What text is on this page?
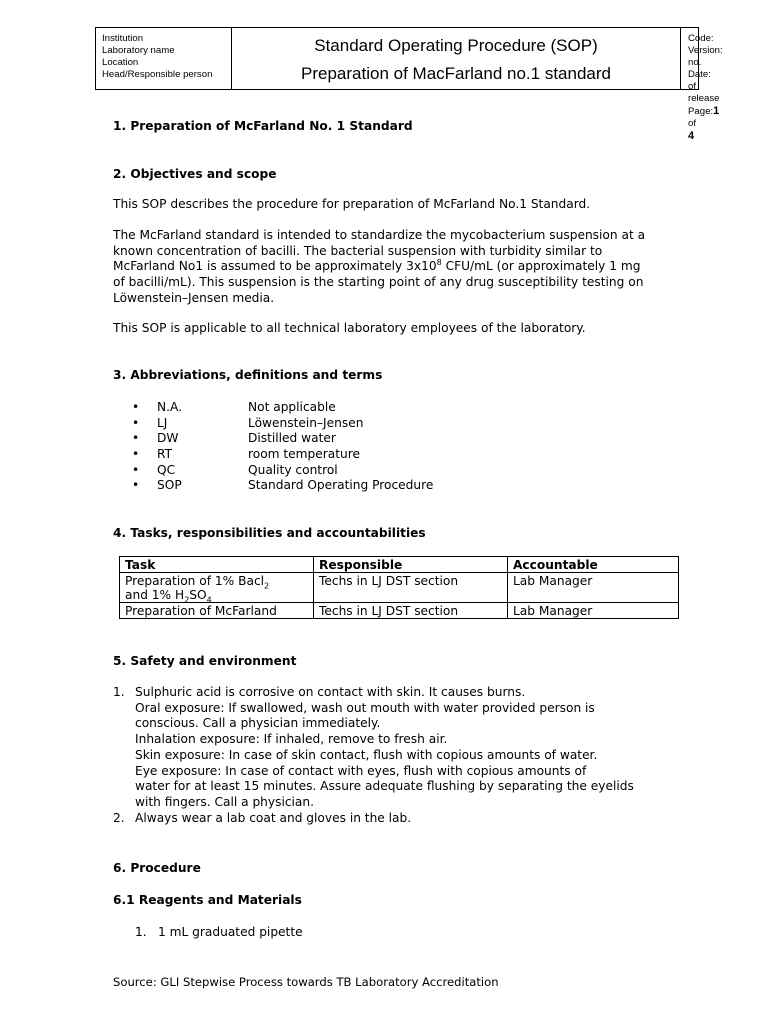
Institution
Laboratory name
Location
Head/Responsible person
Standard Operating Procedure (SOP)
Preparation of MacFarland no.1 standard
Code:
Version: no.
Date: of release
Page:1 of 4
1. Preparation of McFarland No. 1 Standard
2. Objectives and scope
This SOP describes the procedure for preparation of McFarland No.1 Standard.
The McFarland standard is intended to standardize the mycobacterium suspension at a
known concentration of bacilli. The bacterial suspension with turbidity similar to
McFarland No1 is assumed to be approximately $3x10^8$ CFU/mL (or approximately 1 mg
of bacilli/mL). This suspension is the starting point of any drug susceptibility testing on
Löwenstein–Jensen media.
This SOP is applicable to all technical laboratory employees of the laboratory.
3. Abbreviations, definitions and terms
• N.A.	Not applicable
• LJ	Löwenstein–Jensen
• DW	Distilled water
• RT	room temperature
• QC	Quality control
• SOP	Standard Operating Procedure
4. Tasks, responsibilities and accountabilities
Task	Responsible	Accountable
Preparation of 1% Bacl$_2$
and 1% $H_2SO_4$	Techs in LJ DST section	Lab Manager
Preparation of McFarland	Techs in LJ DST section	Lab Manager
5. Safety and environment
1. Sulphuric acid is corrosive on contact with skin. It causes burns.
Oral exposure: If swallowed, wash out mouth with water provided person is
conscious. Call a physician immediately.
Inhalation exposure: If inhaled, remove to fresh air.
Skin exposure: In case of skin contact, flush with copious amounts of water.
Eye exposure: In case of contact with eyes, flush with copious amounts of
water for at least 15 minutes. Assure adequate flushing by separating the eyelids
with fingers. Call a physician.
2. Always wear a lab coat and gloves in the lab.
6. Procedure
6.1 Reagents and Materials
1. 1 mL graduated pipette
Source: GLI Stepwise Process towards TB Laboratory Accreditation
